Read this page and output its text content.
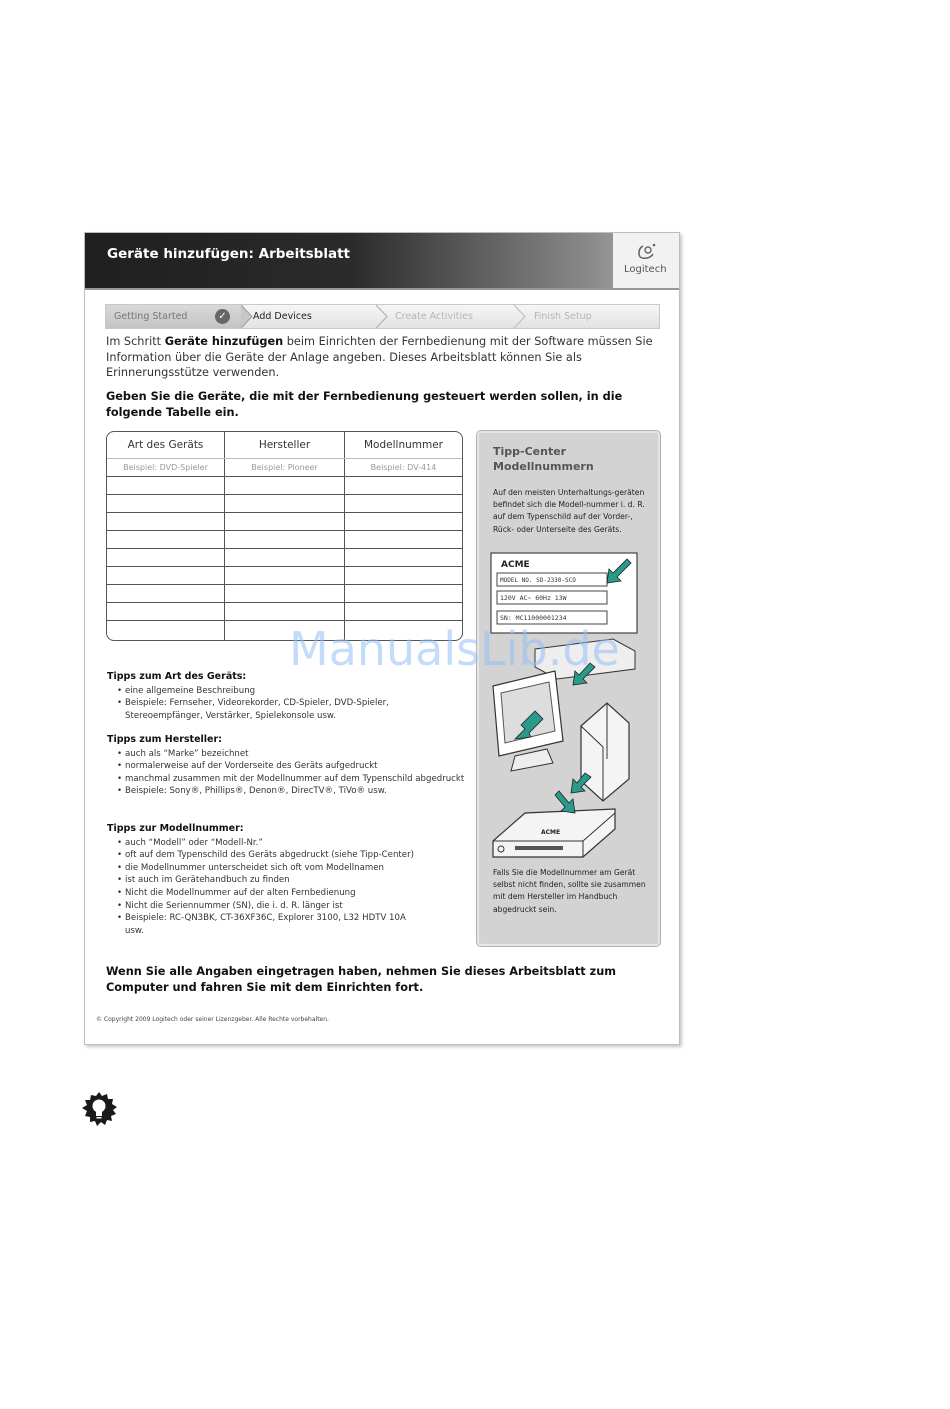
Geräte hinzufügen: Arbeitsblatt
Logitech
Getting Started	✓	Add Devices	Create Activities	Finish Setup
Im Schritt Geräte hinzufügen beim Einrichten der Fernbedienung mit der Software müssen Sie Information über die Geräte der Anlage angeben. Dieses Arbeitsblatt können Sie als Erinnerungsstütze verwenden.
Geben Sie die Geräte, die mit der Fernbedienung gesteuert werden sollen, in die folgende Tabelle ein.
Art des Geräts	Hersteller	Modellnummer
Beispiel: DVD-Spieler	Beispiel: Pioneer	Beispiel: DV-414
Tipps zum Art des Geräts:
• eine allgemeine Beschreibung
• Beispiele: Fernseher, Videorekorder, CD-Spieler, DVD-Spieler, Stereoempfänger, Verstärker, Spielekonsole usw.
Tipps zum Hersteller:
• auch als “Marke” bezeichnet
• normalerweise auf der Vorderseite des Geräts aufgedruckt
• manchmal zusammen mit der Modellnummer auf dem Typenschild abgedruckt
• Beispiele: Sony®, Phillips®, Denon®, DirecTV®, TiVo® usw.
Tipps zur Modellnummer:
• auch “Modell” oder “Modell-Nr.”
• oft auf dem Typenschild des Geräts abgedruckt (siehe Tipp-Center)
• die Modellnummer unterscheidet sich oft vom Modellnamen
• ist auch im Gerätehandbuch zu finden
• Nicht die Modellnummer auf der alten Fernbedienung
• Nicht die Seriennummer (SN), die i. d. R. länger ist
• Beispiele: RC-QN3BK, CT-36XF36C, Explorer 3100, L32 HDTV 10A usw.
Tipp-Center
Modellnummern
Auf den meisten Unterhaltungs-geräten befindet sich die Modell-nummer i. d. R. auf dem Typenschild auf der Vorder-, Rück- oder Unterseite des Geräts.
ACME
MODEL NO. SD-2330-SCO
120V AC~ 60Hz 13W
SN: MC11000001234
ACME
Falls Sie die Modellnummer am Gerät selbst nicht finden, sollte sie zusammen mit dem Hersteller im Handbuch abgedruckt sein.
Wenn Sie alle Angaben eingetragen haben, nehmen Sie dieses Arbeitsblatt zum Computer und fahren Sie mit dem Einrichten fort.
© Copyright 2009 Logitech oder seiner Lizenzgeber. Alle Rechte vorbehalten.
ManualsLib.de
